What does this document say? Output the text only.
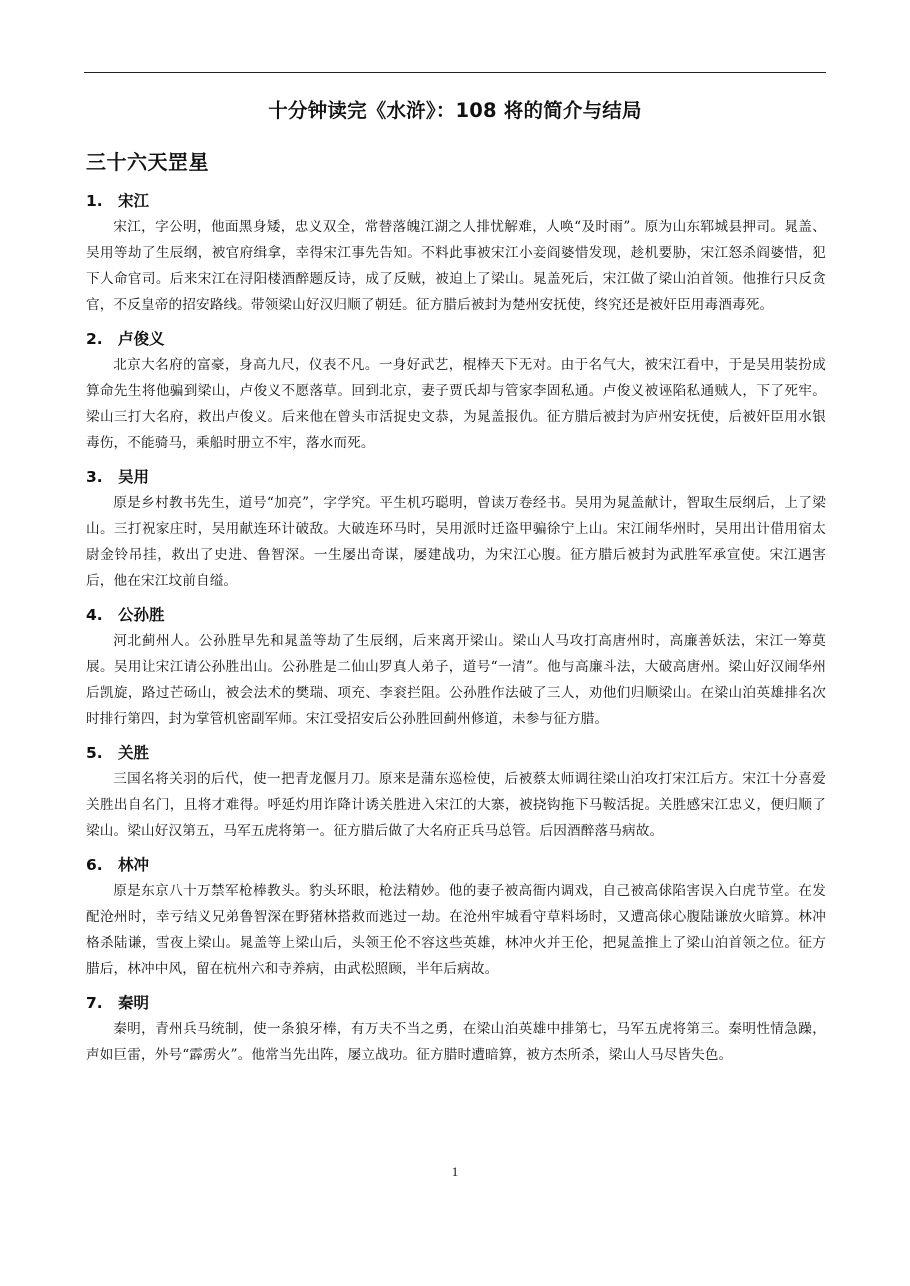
十分钟读完《水浒》：108 将的简介与结局
三十六天罡星
1. 宋江

宋江，字公明，他面黑身矮，忠义双全，常替落魄江湖之人排忧解难，人唤“及时雨”。原为山东郓城县押司。晁盖、吴用等劫了生辰纲，被官府缉拿，幸得宋江事先告知。不料此事被宋江小妾阎婆惜发现，趁机要胁，宋江怒杀阎婆惜，犯下人命官司。后来宋江在浔阳楼酒醉题反诗，成了反贼，被迫上了梁山。晁盖死后，宋江做了梁山泊首领。他推行只反贪官，不反皇帝的招安路线。带领梁山好汉归顺了朝廷。征方腊后被封为楚州安抚使，终究还是被奸臣用毒酒毒死。

2. 卢俊义

北京大名府的富豪，身高九尺，仪表不凡。一身好武艺，棍棒天下无对。由于名气大，被宋江看中，于是吴用装扮成算命先生将他骗到梁山，卢俊义不愿落草。回到北京，妻子贾氏却与管家李固私通。卢俊义被诬陷私通贼人，下了死牢。梁山三打大名府，救出卢俊义。后来他在曾头市活捉史文恭，为晁盖报仇。征方腊后被封为庐州安抚使，后被奸臣用水银毒伤，不能骑马，乘船时册立不牢，落水而死。

3. 吴用

原是乡村教书先生，道号“加亮”，字学究。平生机巧聪明，曾读万卷经书。吴用为晁盖献计，智取生辰纲后，上了梁山。三打祝家庄时，吴用献连环计破敌。大破连环马时，吴用派时迁盗甲骗徐宁上山。宋江闹华州时，吴用出计借用宿太尉金铃吊挂，救出了史进、鲁智深。一生屡出奇谋，屡建战功，为宋江心腹。征方腊后被封为武胜军承宣使。宋江遇害后，他在宋江坟前自缢。

4. 公孙胜

河北蓟州人。公孙胜早先和晁盖等劫了生辰纲，后来离开梁山。梁山人马攻打高唐州时，高廉善妖法，宋江一筹莫展。吴用让宋江请公孙胜出山。公孙胜是二仙山罗真人弟子，道号“一清”。他与高廉斗法，大破高唐州。梁山好汉闹华州后凯旋，路过芒砀山，被会法术的樊瑞、项充、李衮拦阻。公孙胜作法破了三人，劝他们归顺梁山。在梁山泊英雄排名次时排行第四，封为掌管机密副军师。宋江受招安后公孙胜回蓟州修道，未参与征方腊。

5. 关胜

三国名将关羽的后代，使一把青龙偃月刀。原来是蒲东巡检使，后被蔡太师调往梁山泊攻打宋江后方。宋江十分喜爱关胜出自名门，且将才难得。呼延灼用诈降计诱关胜进入宋江的大寨，被挠钩拖下马鞍活捉。关胜感宋江忠义，便归顺了梁山。梁山好汉第五，马军五虎将第一。征方腊后做了大名府正兵马总管。后因酒醉落马病故。

6. 林冲

原是东京八十万禁军枪棒教头。豹头环眼，枪法精妙。他的妻子被高衙内调戏，自己被高俅陷害误入白虎节堂。在发配沧州时，幸亏结义兄弟鲁智深在野猪林搭救而逃过一劫。在沧州牢城看守草料场时，又遭高俅心腹陆谦放火暗算。林冲格杀陆谦，雪夜上梁山。晁盖等上梁山后，头领王伦不容这些英雄，林冲火并王伦，把晁盖推上了梁山泊首领之位。征方腊后，林冲中风，留在杭州六和寺养病，由武松照顾，半年后病故。

7. 秦明

秦明，青州兵马统制，使一条狼牙棒，有万夫不当之勇，在梁山泊英雄中排第七，马军五虎将第三。秦明性情急躁，声如巨雷，外号“霹雳火”。他常当先出阵，屡立战功。征方腊时遭暗算，被方杰所杀，梁山人马尽皆失色。

1
